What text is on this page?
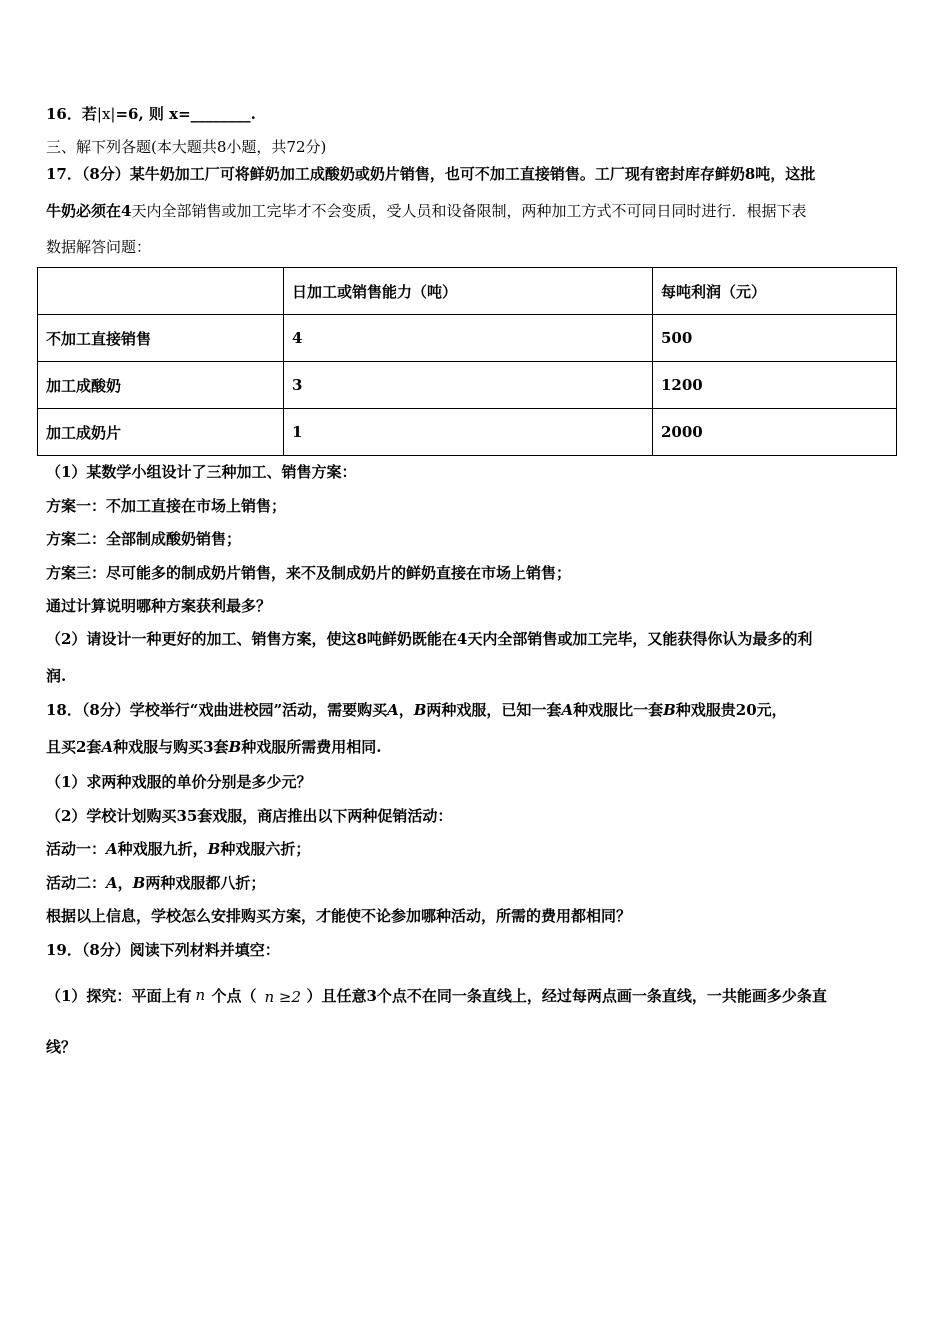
16．若|x|=6, 则 x=________.
三、解下列各题(本大题共8小题，共72分)
17．（8分）某牛奶加工厂可将鲜奶加工成酸奶或奶片销售，也可不加工直接销售。工厂现有密封库存鲜奶8吨，这批
牛奶必须在4天内全部销售或加工完毕才不会变质，受人员和设备限制，两种加工方式不可同日同时进行．根据下表
数据解答问题：
	日加工或销售能力（吨）	每吨利润（元）
不加工直接销售	4	500
加工成酸奶	3	1200
加工成奶片	1	2000
（1）某数学小组设计了三种加工、销售方案：
方案一：不加工直接在市场上销售；
方案二：全部制成酸奶销售；
方案三：尽可能多的制成奶片销售，来不及制成奶片的鲜奶直接在市场上销售；
通过计算说明哪种方案获利最多？
（2）请设计一种更好的加工、销售方案，使这8吨鲜奶既能在4天内全部销售或加工完毕，又能获得你认为最多的利
润.
18．（8分）学校举行“戏曲进校园”活动，需要购买A，B两种戏服，已知一套A种戏服比一套B种戏服贵20元，
且买2套A种戏服与购买3套B种戏服所需费用相同.
（1）求两种戏服的单价分别是多少元？
（2）学校计划购买35套戏服，商店推出以下两种促销活动：
活动一：A种戏服九折，B种戏服六折；
活动二：A，B两种戏服都八折；
根据以上信息，学校怎么安排购买方案，才能使不论参加哪种活动，所需的费用都相同？
19．（8分）阅读下列材料并填空：
（1）探究：平面上有 n 个点（ n ≥2 ）且任意3个点不在同一条直线上，经过每两点画一条直线，一共能画多少条直
线？
